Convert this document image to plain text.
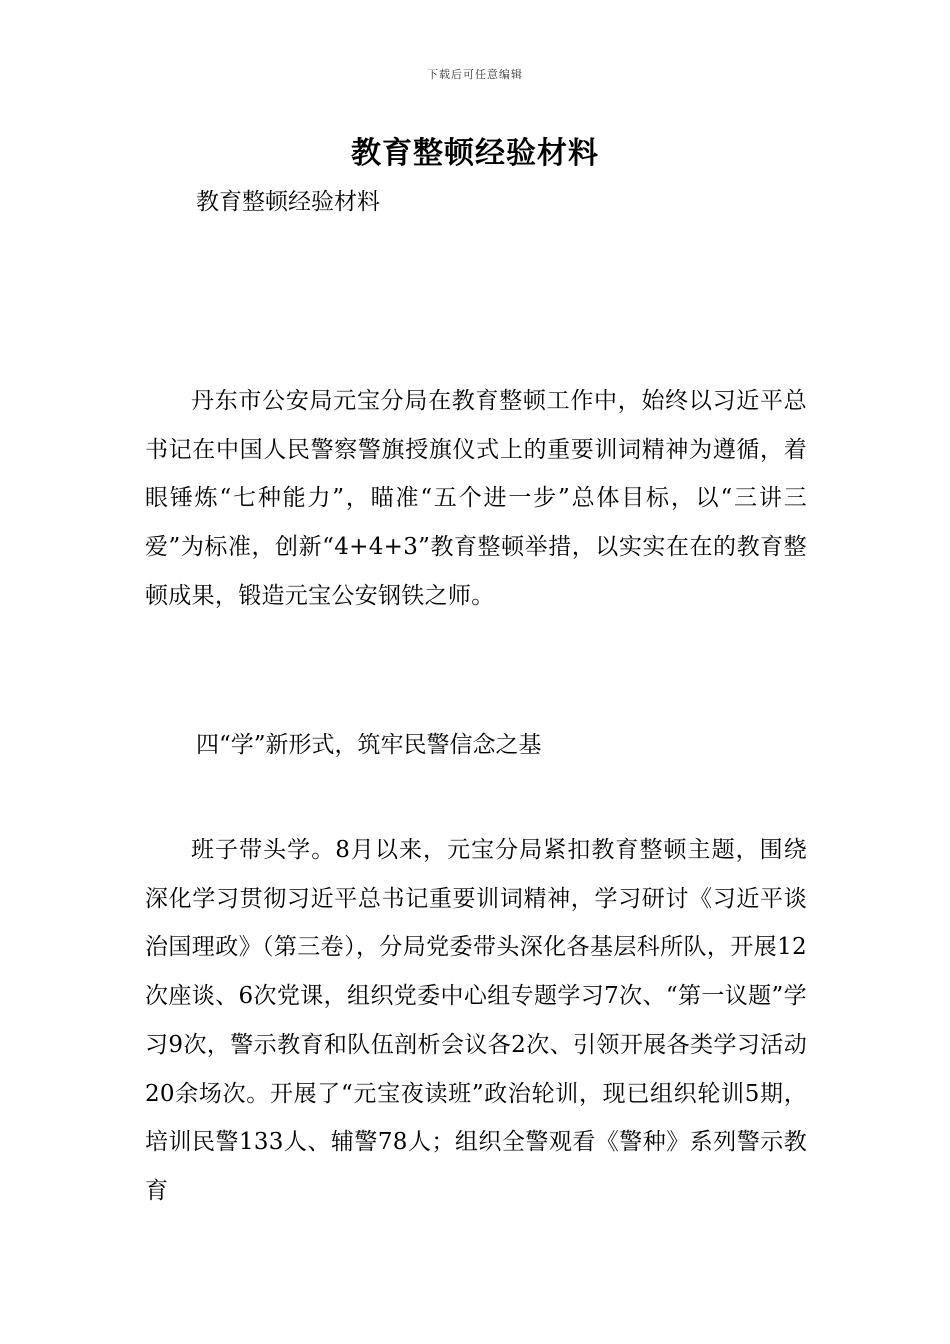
下载后可任意编辑
教育整顿经验材料

教育整顿经验材料

丹东市公安局元宝分局在教育整顿工作中，始终以习近平总书记在中国人民警察警旗授旗仪式上的重要训词精神为遵循，着眼锤炼“七种能力”，瞄准“五个进一步”总体目标，以“三讲三爱”为标准，创新“4+4+3”教育整顿举措，以实实在在的教育整顿成果，锻造元宝公安钢铁之师。

四“学”新形式，筑牢民警信念之基

班子带头学。8月以来，元宝分局紧扣教育整顿主题，围绕深化学习贯彻习近平总书记重要训词精神，学习研讨《习近平谈治国理政》（第三卷），分局党委带头深化各基层科所队，开展12次座谈、6次党课，组织党委中心组专题学习7次、“第一议题”学习9次，警示教育和队伍剖析会议各2次、引领开展各类学习活动20余场次。开展了“元宝夜读班”政治轮训，现已组织轮训5期，培训民警133人、辅警78人；组织全警观看《警种》系列警示教育
